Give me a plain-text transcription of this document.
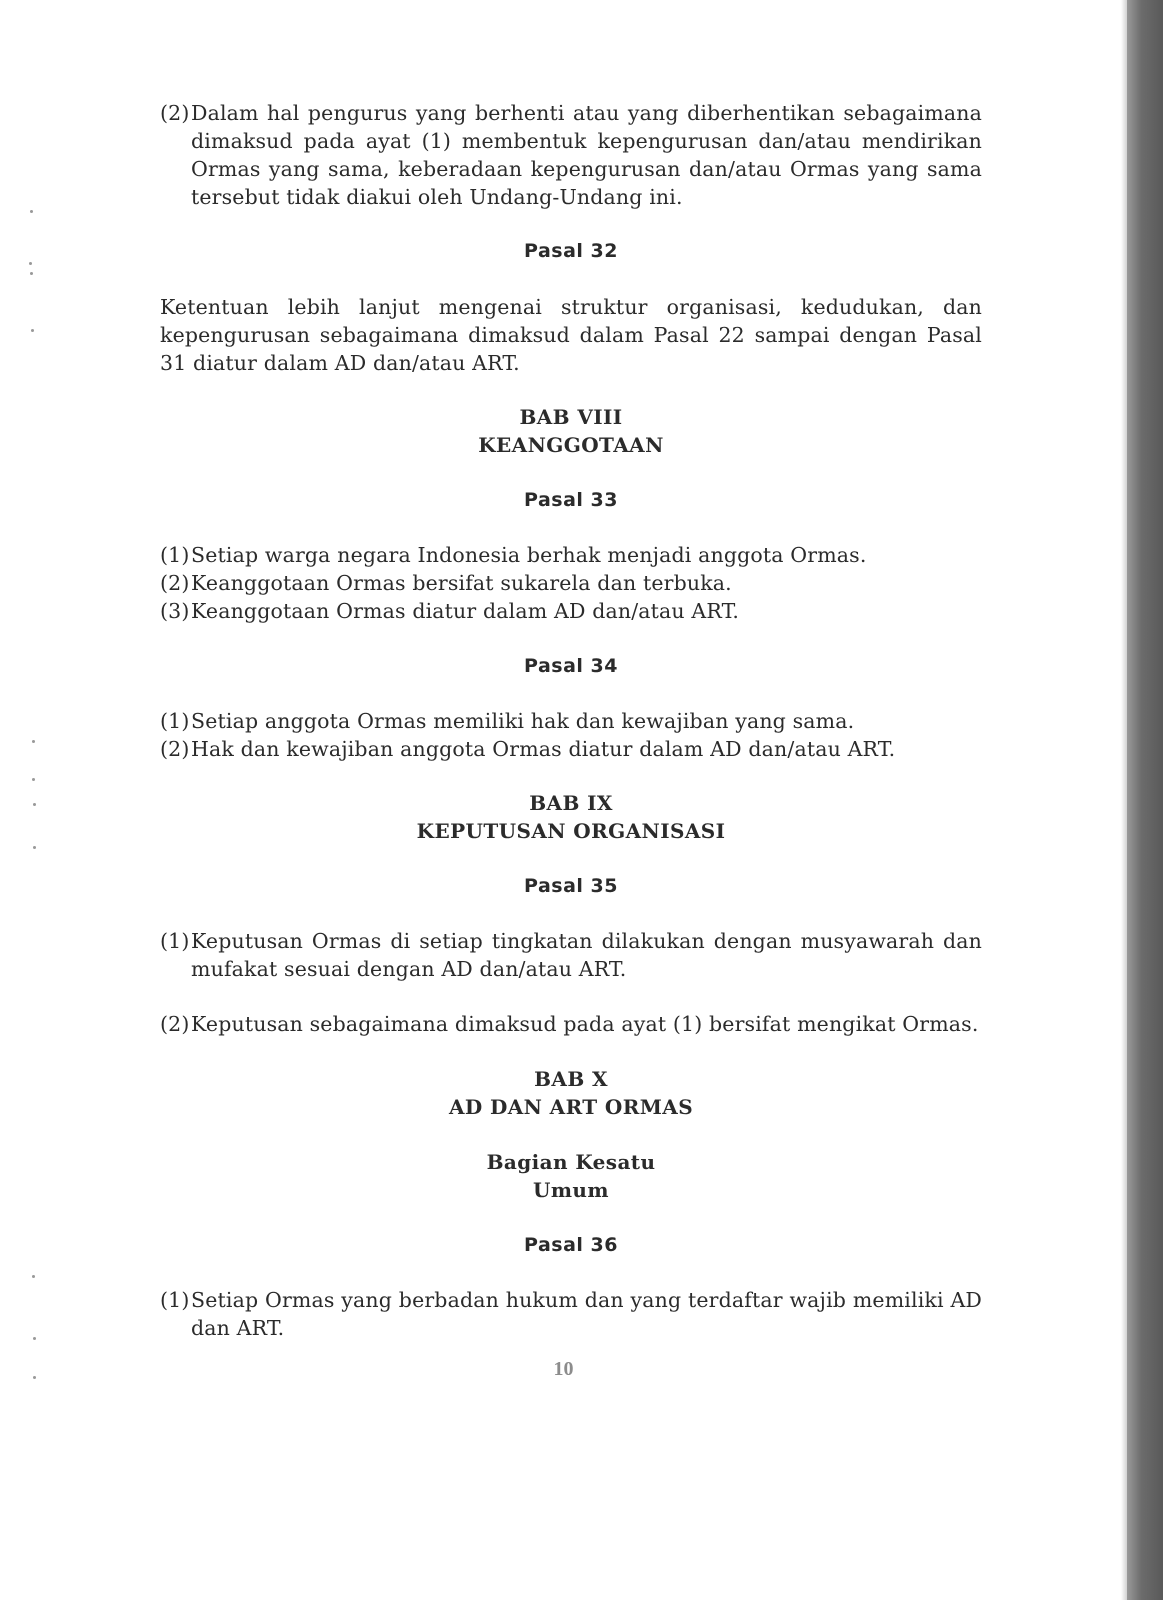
(2) Dalam hal pengurus yang berhenti atau yang diberhentikan sebagaimana dimaksud pada ayat (1) membentuk kepengurusan dan/atau mendirikan Ormas yang sama, keberadaan kepengurusan dan/atau Ormas yang sama tersebut tidak diakui oleh Undang-Undang ini.

Pasal 32

Ketentuan lebih lanjut mengenai struktur organisasi, kedudukan, dan kepengurusan sebagaimana dimaksud dalam Pasal 22 sampai dengan Pasal 31 diatur dalam AD dan/atau ART.

BAB VIII

KEANGGOTAAN

Pasal 33

(1) Setiap warga negara Indonesia berhak menjadi anggota Ormas.
(2) Keanggotaan Ormas bersifat sukarela dan terbuka.
(3) Keanggotaan Ormas diatur dalam AD dan/atau ART.

Pasal 34

(1) Setiap anggota Ormas memiliki hak dan kewajiban yang sama.
(2) Hak dan kewajiban anggota Ormas diatur dalam AD dan/atau ART.

BAB IX

KEPUTUSAN ORGANISASI

Pasal 35

(1) Keputusan Ormas di setiap tingkatan dilakukan dengan musyawarah dan mufakat sesuai dengan AD dan/atau ART.
(2) Keputusan sebagaimana dimaksud pada ayat (1) bersifat mengikat Ormas.

BAB X

AD DAN ART ORMAS

Bagian Kesatu

Umum

Pasal 36

(1) Setiap Ormas yang berbadan hukum dan yang terdaftar wajib memiliki AD dan ART.
10
